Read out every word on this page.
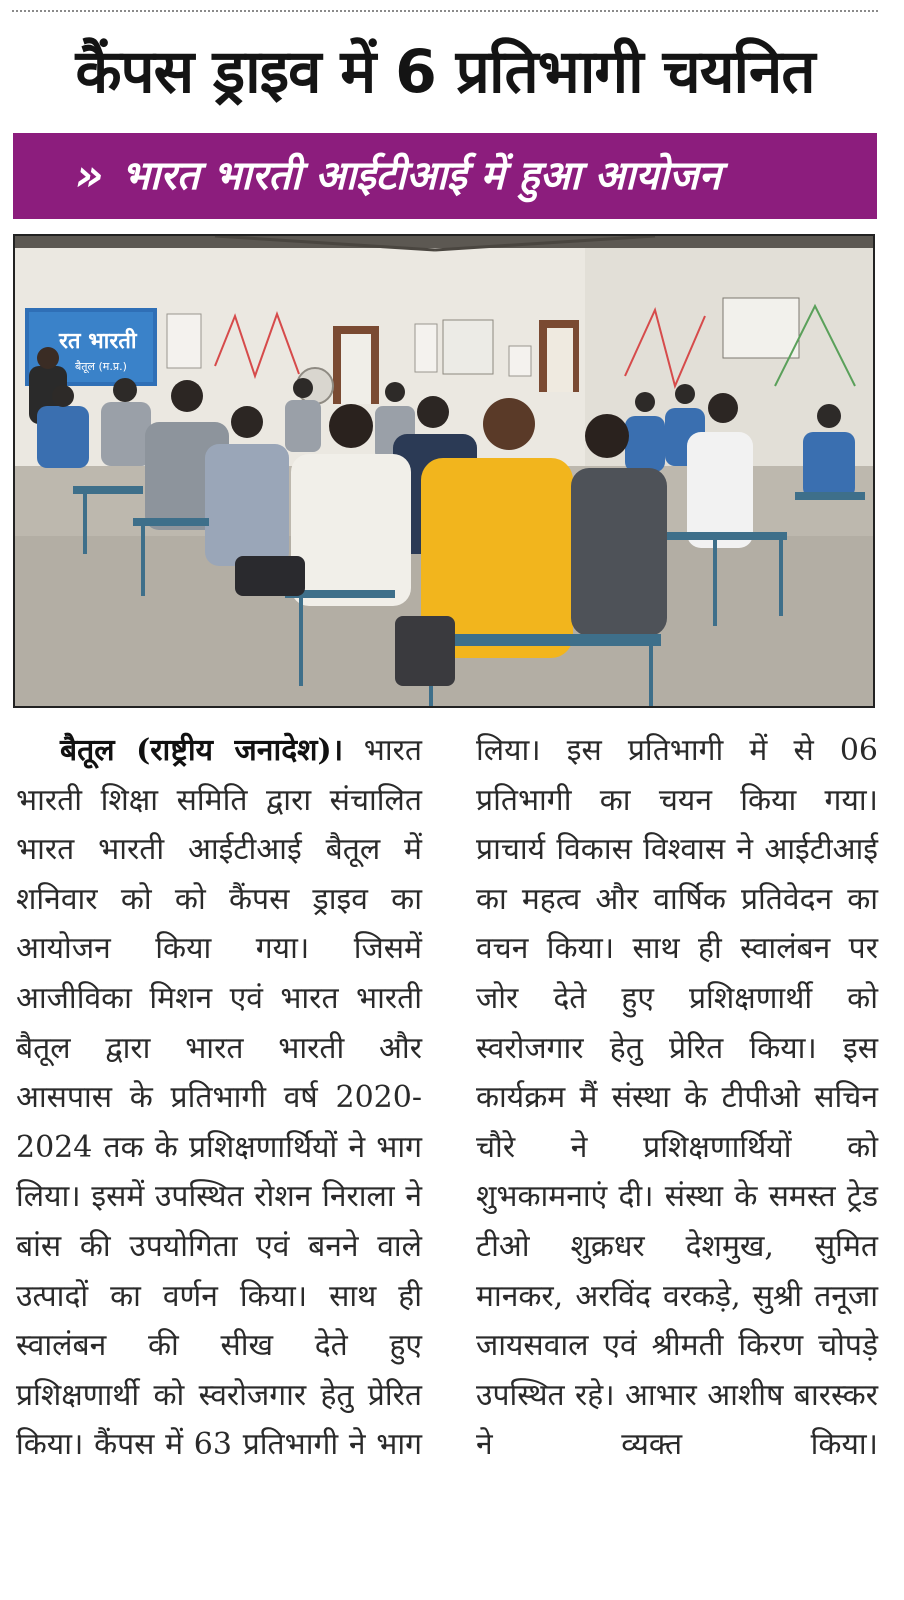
कैंपस ड्राइव में 6 प्रतिभागी चयनित
» भारत भारती आईटीआई में हुआ आयोजन
रत भारती
बैतूल (म.प्र.)

बैतूल (राष्ट्रीय जनादेश)। भारत भारती शिक्षा समिति द्वारा संचालित भारत भारती आईटीआई बैतूल में शनिवार को को कैंपस ड्राइव का आयोजन किया गया। जिसमें आजीविका मिशन एवं भारत भारती बैतूल द्वारा भारत भारती और आसपास के प्रतिभागी वर्ष 2020-2024 तक के प्रशिक्षणार्थियों ने भाग लिया। इसमें उपस्थित रोशन निराला ने बांस की उपयोगिता एवं बनने वाले उत्पादों का वर्णन किया। साथ ही स्वालंबन की सीख देते हुए प्रशिक्षणार्थी को स्वरोजगार हेतु प्रेरित किया। कैंपस में 63 प्रतिभागी ने भाग

लिया। इस प्रतिभागी में से 06 प्रतिभागी का चयन किया गया। प्राचार्य विकास विश्वास ने आईटीआई का महत्व और वार्षिक प्रतिवेदन का वचन किया। साथ ही स्वालंबन पर जोर देते हुए प्रशिक्षणार्थी को स्वरोजगार हेतु प्रेरित किया। इस कार्यक्रम मैं संस्था के टीपीओ सचिन चौरे ने प्रशिक्षणार्थियों को शुभकामनाएं दी। संस्था के समस्त ट्रेड टीओ शुक्रधर देशमुख, सुमित मानकर, अरविंद वरकड़े, सुश्री तनूजा जायसवाल एवं श्रीमती किरण चोपड़े उपस्थित रहे। आभार आशीष बारस्कर ने व्यक्त किया।
